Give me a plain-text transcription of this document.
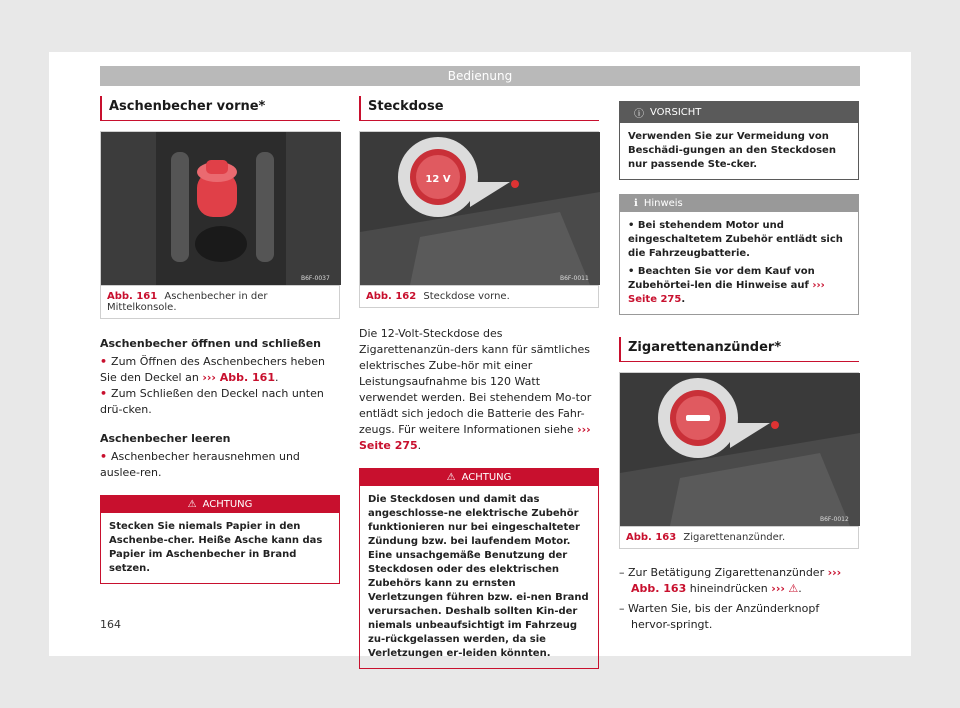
Bedienung
Aschenbecher vorne*
B6F-0037
Abb. 161 Aschenbecher in der Mittelkonsole.
Aschenbecher öffnen und schließen
• Zum Öffnen des Aschenbechers heben Sie den Deckel an ››› Abb. 161.
• Zum Schließen den Deckel nach unten drü-cken.
Aschenbecher leeren
• Aschenbecher herausnehmen und auslee-ren.
⚠ ACHTUNG
Stecken Sie niemals Papier in den Aschenbe-cher. Heiße Asche kann das Papier im Aschenbecher in Brand setzen.
Steckdose
12 V
B6F-0011
Abb. 162 Steckdose vorne.
Die 12-Volt-Steckdose des Zigarettenanzün-ders kann für sämtliches elektrisches Zube-hör mit einer Leistungsaufnahme bis 120 Watt verwendet werden. Bei stehendem Mo-tor entlädt sich jedoch die Batterie des Fahr-zeugs. Für weitere Informationen siehe ››› Seite 275.
⚠ ACHTUNG
Die Steckdosen und damit das angeschlosse-ne elektrische Zubehör funktionieren nur bei eingeschalteter Zündung bzw. bei laufendem Motor. Eine unsachgemäße Benutzung der Steckdosen oder des elektrischen Zubehörs kann zu ernsten Verletzungen führen bzw. ei-nen Brand verursachen. Deshalb sollten Kin-der niemals unbeaufsichtigt im Fahrzeug zu-rückgelassen werden, da sie Verletzungen er-leiden könnten.
ⓘ VORSICHT
Verwenden Sie zur Vermeidung von Beschädi-gungen an den Steckdosen nur passende Ste-cker.
ℹ Hinweis
• Bei stehendem Motor und eingeschaltetem Zubehör entlädt sich die Fahrzeugbatterie.
• Beachten Sie vor dem Kauf von Zubehörtei-len die Hinweise auf ››› Seite 275.
Zigarettenanzünder*
B6F-0012
Abb. 163 Zigarettenanzünder.
– Zur Betätigung Zigarettenanzünder ››› Abb. 163 hineindrücken ››› ⚠.
– Warten Sie, bis der Anzünderknopf hervor-springt.
164
